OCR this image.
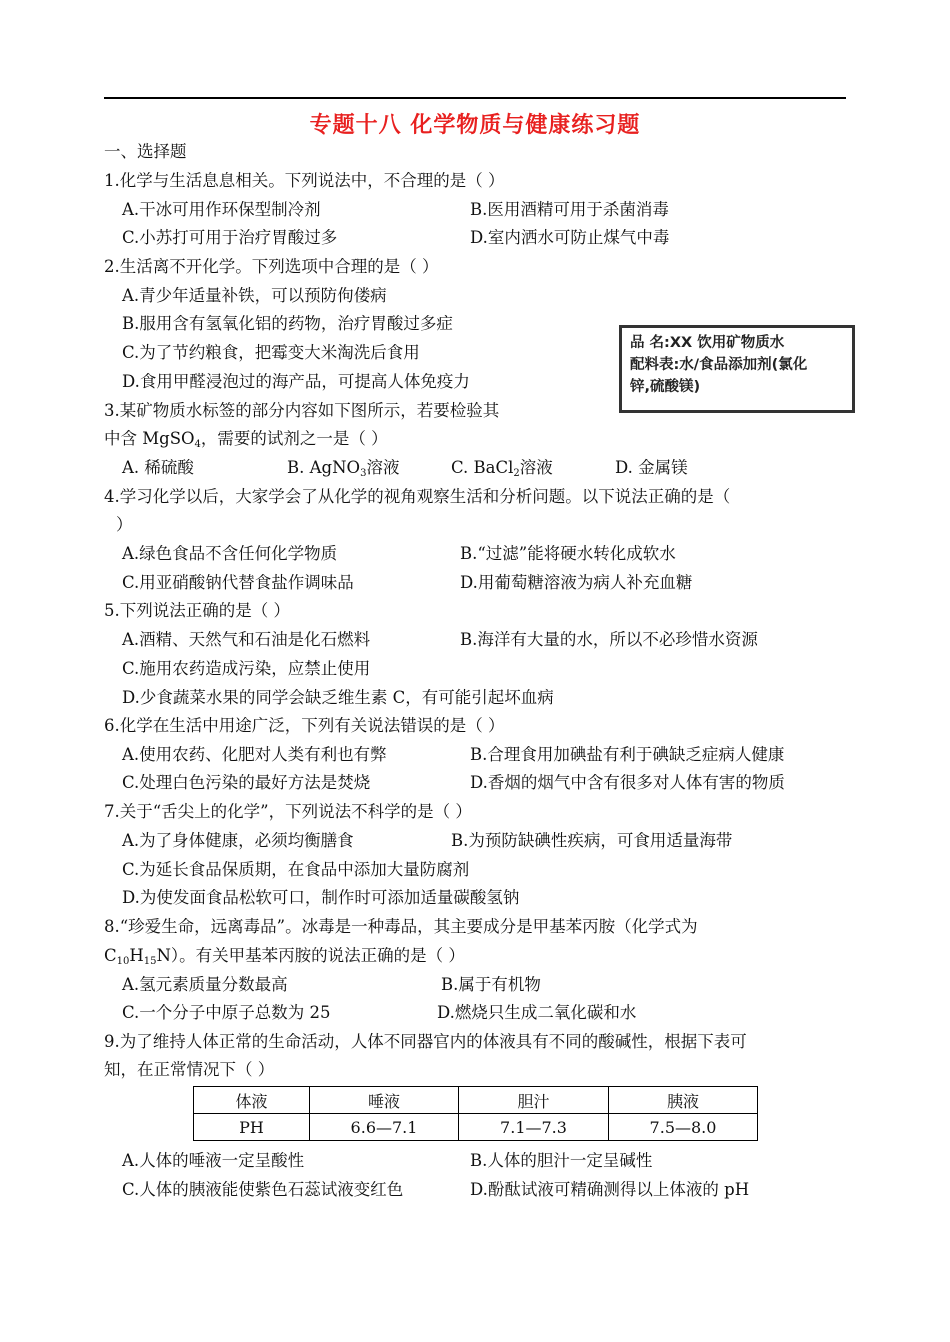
专题十八 化学物质与健康练习题
一、选择题
1.化学与生活息息相关。下列说法中，不合理的是（ ）
A.干冰可用作环保型制冷剂	B.医用酒精可用于杀菌消毒
C.小苏打可用于治疗胃酸过多	D.室内洒水可防止煤气中毒
2.生活离不开化学。下列选项中合理的是（ ）
A.青少年适量补铁，可以预防佝偻病
B.服用含有氢氧化铝的药物，治疗胃酸过多症
C.为了节约粮食，把霉变大米淘洗后食用
D.食用甲醛浸泡过的海产品，可提高人体免疫力
品 名:XX 饮用矿物质水
配料表:水/食品添加剂(氯化
锌,硫酸镁)
3.某矿物质水标签的部分内容如下图所示，若要检验其
中含 MgSO$_4$，需要的试剂之一是（ ）
A. 稀硫酸	B. AgNO$_3$溶液	C. BaCl$_2$溶液	D. 金属镁
4.学习化学以后，大家学会了从化学的视角观察生活和分析问题。以下说法正确的是（
）
A.绿色食品不含任何化学物质	B.“过滤”能将硬水转化成软水
C.用亚硝酸钠代替食盐作调味品	D.用葡萄糖溶液为病人补充血糖
5.下列说法正确的是（ ）
A.酒精、天然气和石油是化石燃料	B.海洋有大量的水，所以不必珍惜水资源
C.施用农药造成污染，应禁止使用
D.少食蔬菜水果的同学会缺乏维生素 C，有可能引起坏血病
6.化学在生活中用途广泛，下列有关说法错误的是（ ）
A.使用农药、化肥对人类有利也有弊	B.合理食用加碘盐有利于碘缺乏症病人健康
C.处理白色污染的最好方法是焚烧	D.香烟的烟气中含有很多对人体有害的物质
7.关于“舌尖上的化学”，下列说法不科学的是（ ）
A.为了身体健康，必须均衡膳食	B.为预防缺碘性疾病，可食用适量海带
C.为延长食品保质期，在食品中添加大量防腐剂
D.为使发面食品松软可口，制作时可添加适量碳酸氢钠
8.“珍爱生命，远离毒品”。冰毒是一种毒品，其主要成分是甲基苯丙胺（化学式为
$C_{10}H_{15}N$）。有关甲基苯丙胺的说法正确的是（ ）
A.氢元素质量分数最高	B.属于有机物
C.一个分子中原子总数为 25	D.燃烧只生成二氧化碳和水
9.为了维持人体正常的生命活动，人体不同器官内的体液具有不同的酸碱性，根据下表可
知，在正常情况下（ ）
体液	唾液	胆汁	胰液
PH	6.6—7.1	7.1—7.3	7.5—8.0
A.人体的唾液一定呈酸性	B.人体的胆汁一定呈碱性
C.人体的胰液能使紫色石蕊试液变红色	D.酚酞试液可精确测得以上体液的 pH
